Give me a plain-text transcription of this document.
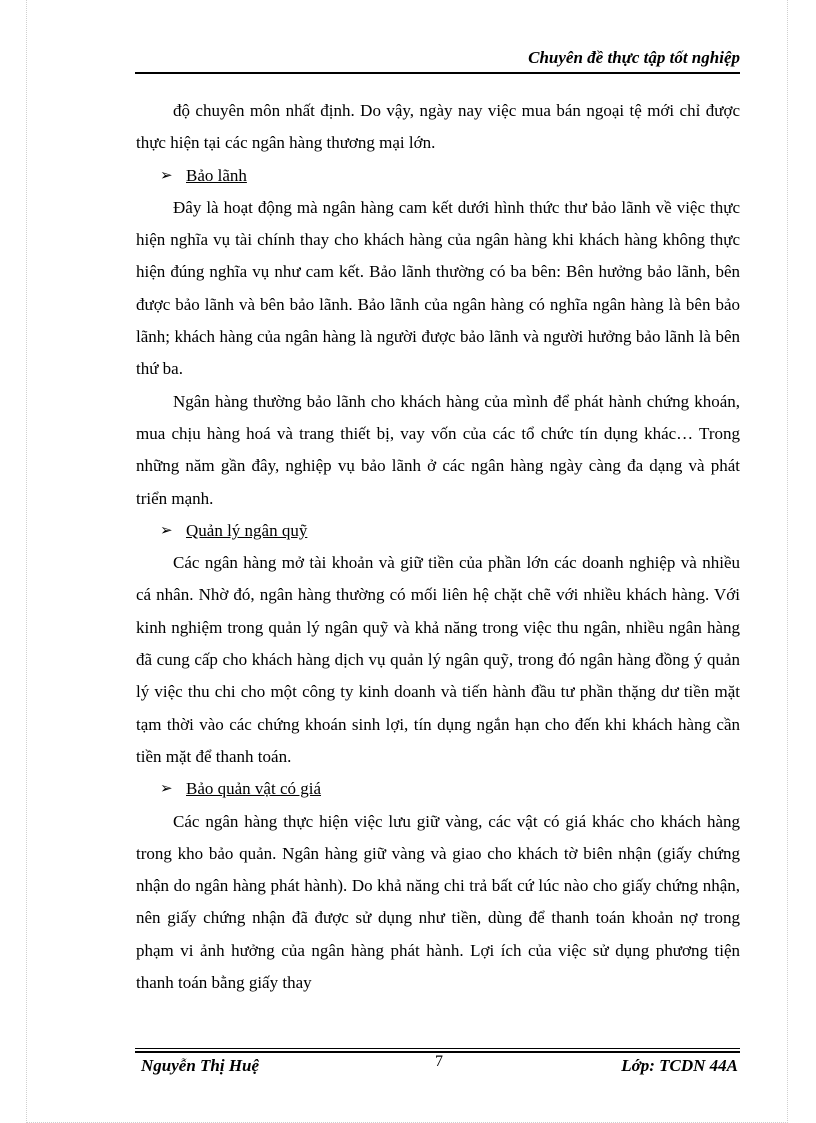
Chuyên đề thực tập tốt nghiệp

độ chuyên môn nhất định. Do vậy, ngày nay việc mua bán ngoại tệ mới chỉ được thực hiện tại các ngân hàng thương mại lớn.

➢ Bảo lãnh

Đây là hoạt động mà ngân hàng cam kết dưới hình thức thư bảo lãnh về việc thực hiện nghĩa vụ tài chính thay cho khách hàng của ngân hàng khi khách hàng không thực hiện đúng nghĩa vụ như cam kết. Bảo lãnh thường có ba bên: Bên hưởng bảo lãnh, bên được bảo lãnh và bên bảo lãnh. Bảo lãnh của ngân hàng có nghĩa ngân hàng là bên bảo lãnh; khách hàng của ngân hàng là người được bảo lãnh và người hưởng bảo lãnh là bên thứ ba.

Ngân hàng thường bảo lãnh cho khách hàng của mình để phát hành chứng khoán, mua chịu hàng hoá và trang thiết bị, vay vốn của các tổ chức tín dụng khác… Trong những năm gần đây, nghiệp vụ bảo lãnh ở các ngân hàng ngày càng đa dạng và phát triển mạnh.

➢ Quản lý ngân quỹ

Các ngân hàng mở tài khoản và giữ tiền của phần lớn các doanh nghiệp và nhiều cá nhân. Nhờ đó, ngân hàng thường có mối liên hệ chặt chẽ với nhiều khách hàng. Với kinh nghiệm trong quản lý ngân quỹ và khả năng trong việc thu ngân, nhiều ngân hàng đã cung cấp cho khách hàng dịch vụ quản lý ngân quỹ, trong đó ngân hàng đồng ý quản lý việc thu chi cho một công ty kinh doanh và tiến hành đầu tư phần thặng dư tiền mặt tạm thời vào các chứng khoán sinh lợi, tín dụng ngắn hạn cho đến khi khách hàng cần tiền mặt để thanh toán.

➢ Bảo quản vật có giá

Các ngân hàng thực hiện việc lưu giữ vàng, các vật có giá khác cho khách hàng trong kho bảo quản. Ngân hàng giữ vàng và giao cho khách tờ biên nhận (giấy chứng nhận do ngân hàng phát hành). Do khả năng chi trả bất cứ lúc nào cho giấy chứng nhận, nên giấy chứng nhận đã được sử dụng như tiền, dùng để thanh toán khoản nợ trong phạm vi ảnh hưởng của ngân hàng phát hành. Lợi ích của việc sử dụng phương tiện thanh toán bằng giấy thay

Nguyễn Thị Huệ	7	Lớp: TCDN 44A
